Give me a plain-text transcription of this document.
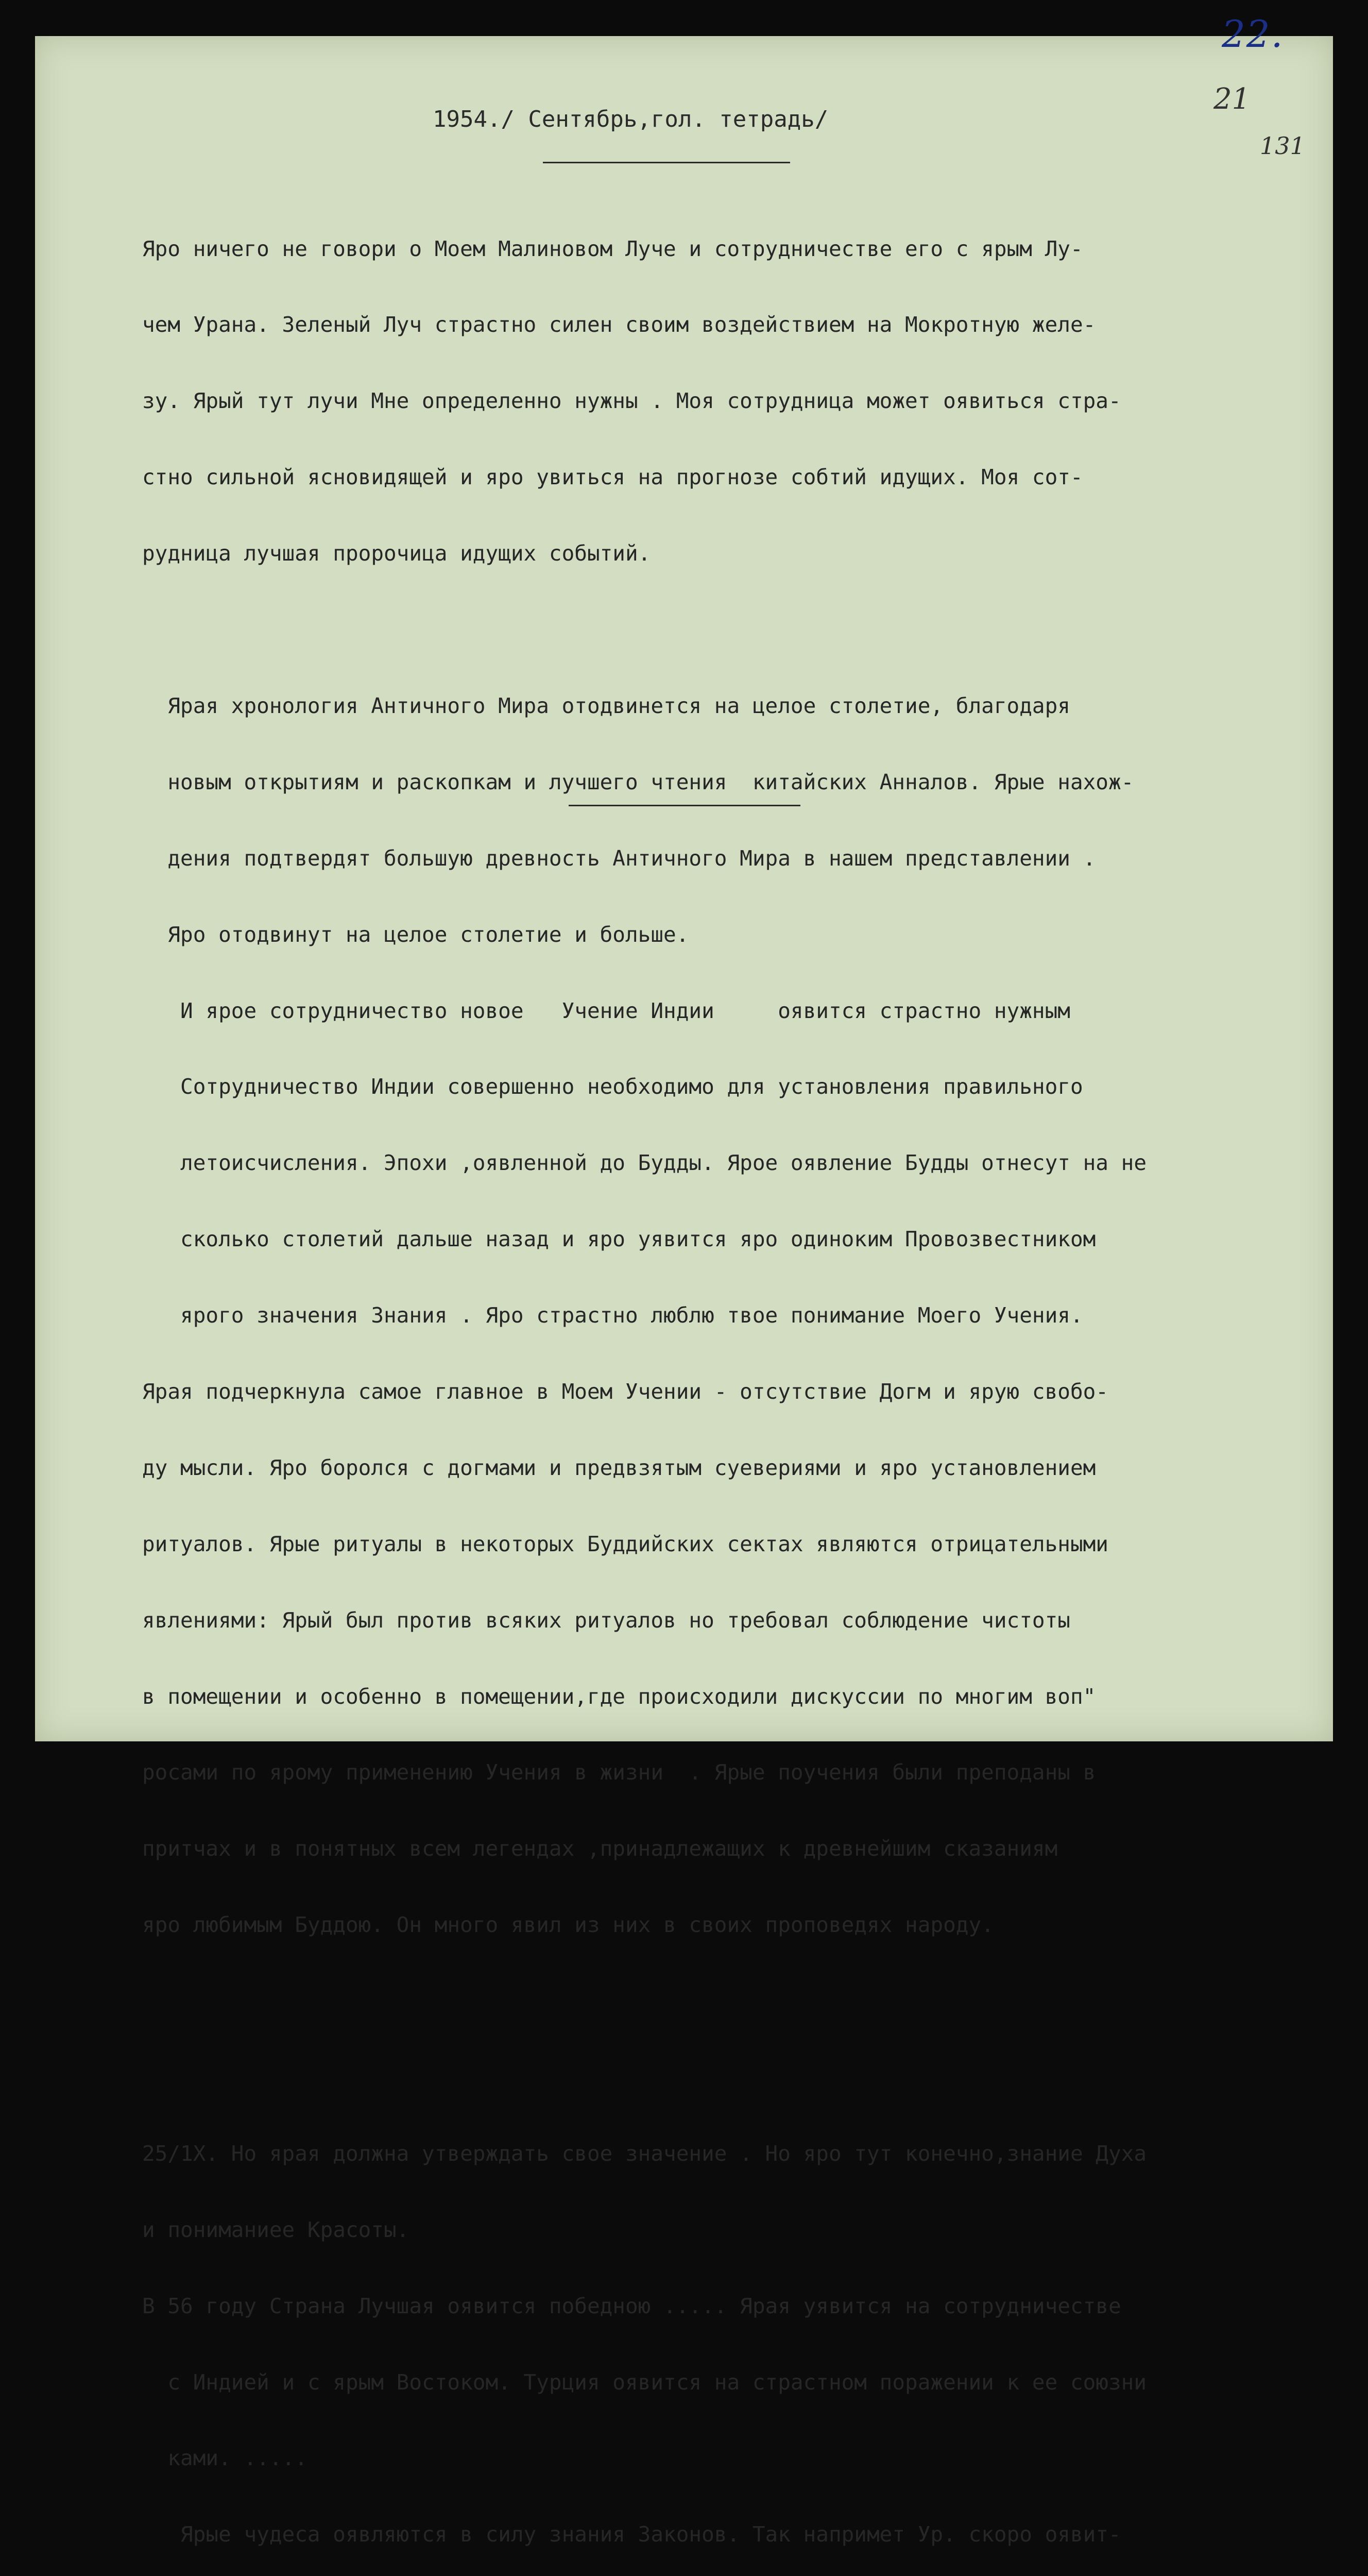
22.
21
131
1954./ Сентябрь,гол. тетрадь/

Яро ничего не говори о Моем Малиновом Луче и сотрудничестве его с ярым Лу-

чем Урана. Зеленый Луч страстно силен своим воздействием на Мокротную желе-

зу. Ярый тут лучи Мне определенно нужны . Моя сотрудница может оявиться стра-

стно сильной ясновидящей и яро увиться на прогнозе собтий идущих. Моя сот-

рудница лучшая пророчица идущих событий.

Ярая хронология Античного Мира отодвинется на целое столетие, благодаря

новым открытиям и раскопкам и лучшего чтения  китайских Анналов. Ярые нахож-

дения подтвердят большую древность Античного Мира в нашем представлении .

Яро отодвинут на целое столетие и больше.

И ярое сотрудничество новое   Учение Индии     оявится страстно нужным

Сотрудничество Индии совершенно необходимо для установления правильного

летоисчисления. Эпохи ,оявленной до Будды. Ярое оявление Будды отнесут на не

сколько столетий дальше назад и яро уявится яро одиноким Провозвестником

ярого значения Знания . Яро страстно люблю твое понимание Моего Учения.

Ярая подчеркнула самое главное в Моем Учении - отсутствие Догм и ярую свобо-

ду мысли. Яро боролся с догмами и предвзятым суевериями и яро установлением

ритуалов. Ярые ритуалы в некоторых Буддийских сектах являются отрицательными

явлениями: Ярый был против всяких ритуалов но требовал соблюдение чистоты

в помещении и особенно в помещении,где происходили дискуссии по многим воп"

росами по ярому применению Учения в жизни  . Ярые поучения были преподаны в

притчах и в понятных всем легендах ,принадлежащих к древнейшим сказаниям

яро любимым Буддою. Он много явил из них в своих проповедях народу.

25/1Х. Но ярая должна утверждать свое значение . Но яро тут конечно,знание Духа

и пониманиее Красоты.

В 56 году Страна Лучшая оявится победною ..... Ярая уявится на сотрудничестве

с Индией и с ярым Востоком. Турция оявится на страстном поражении к ее союзни

ками. .....

Ярые чудеса оявляются в силу знания Законов. Так напримет Ур. скоро оявит-
